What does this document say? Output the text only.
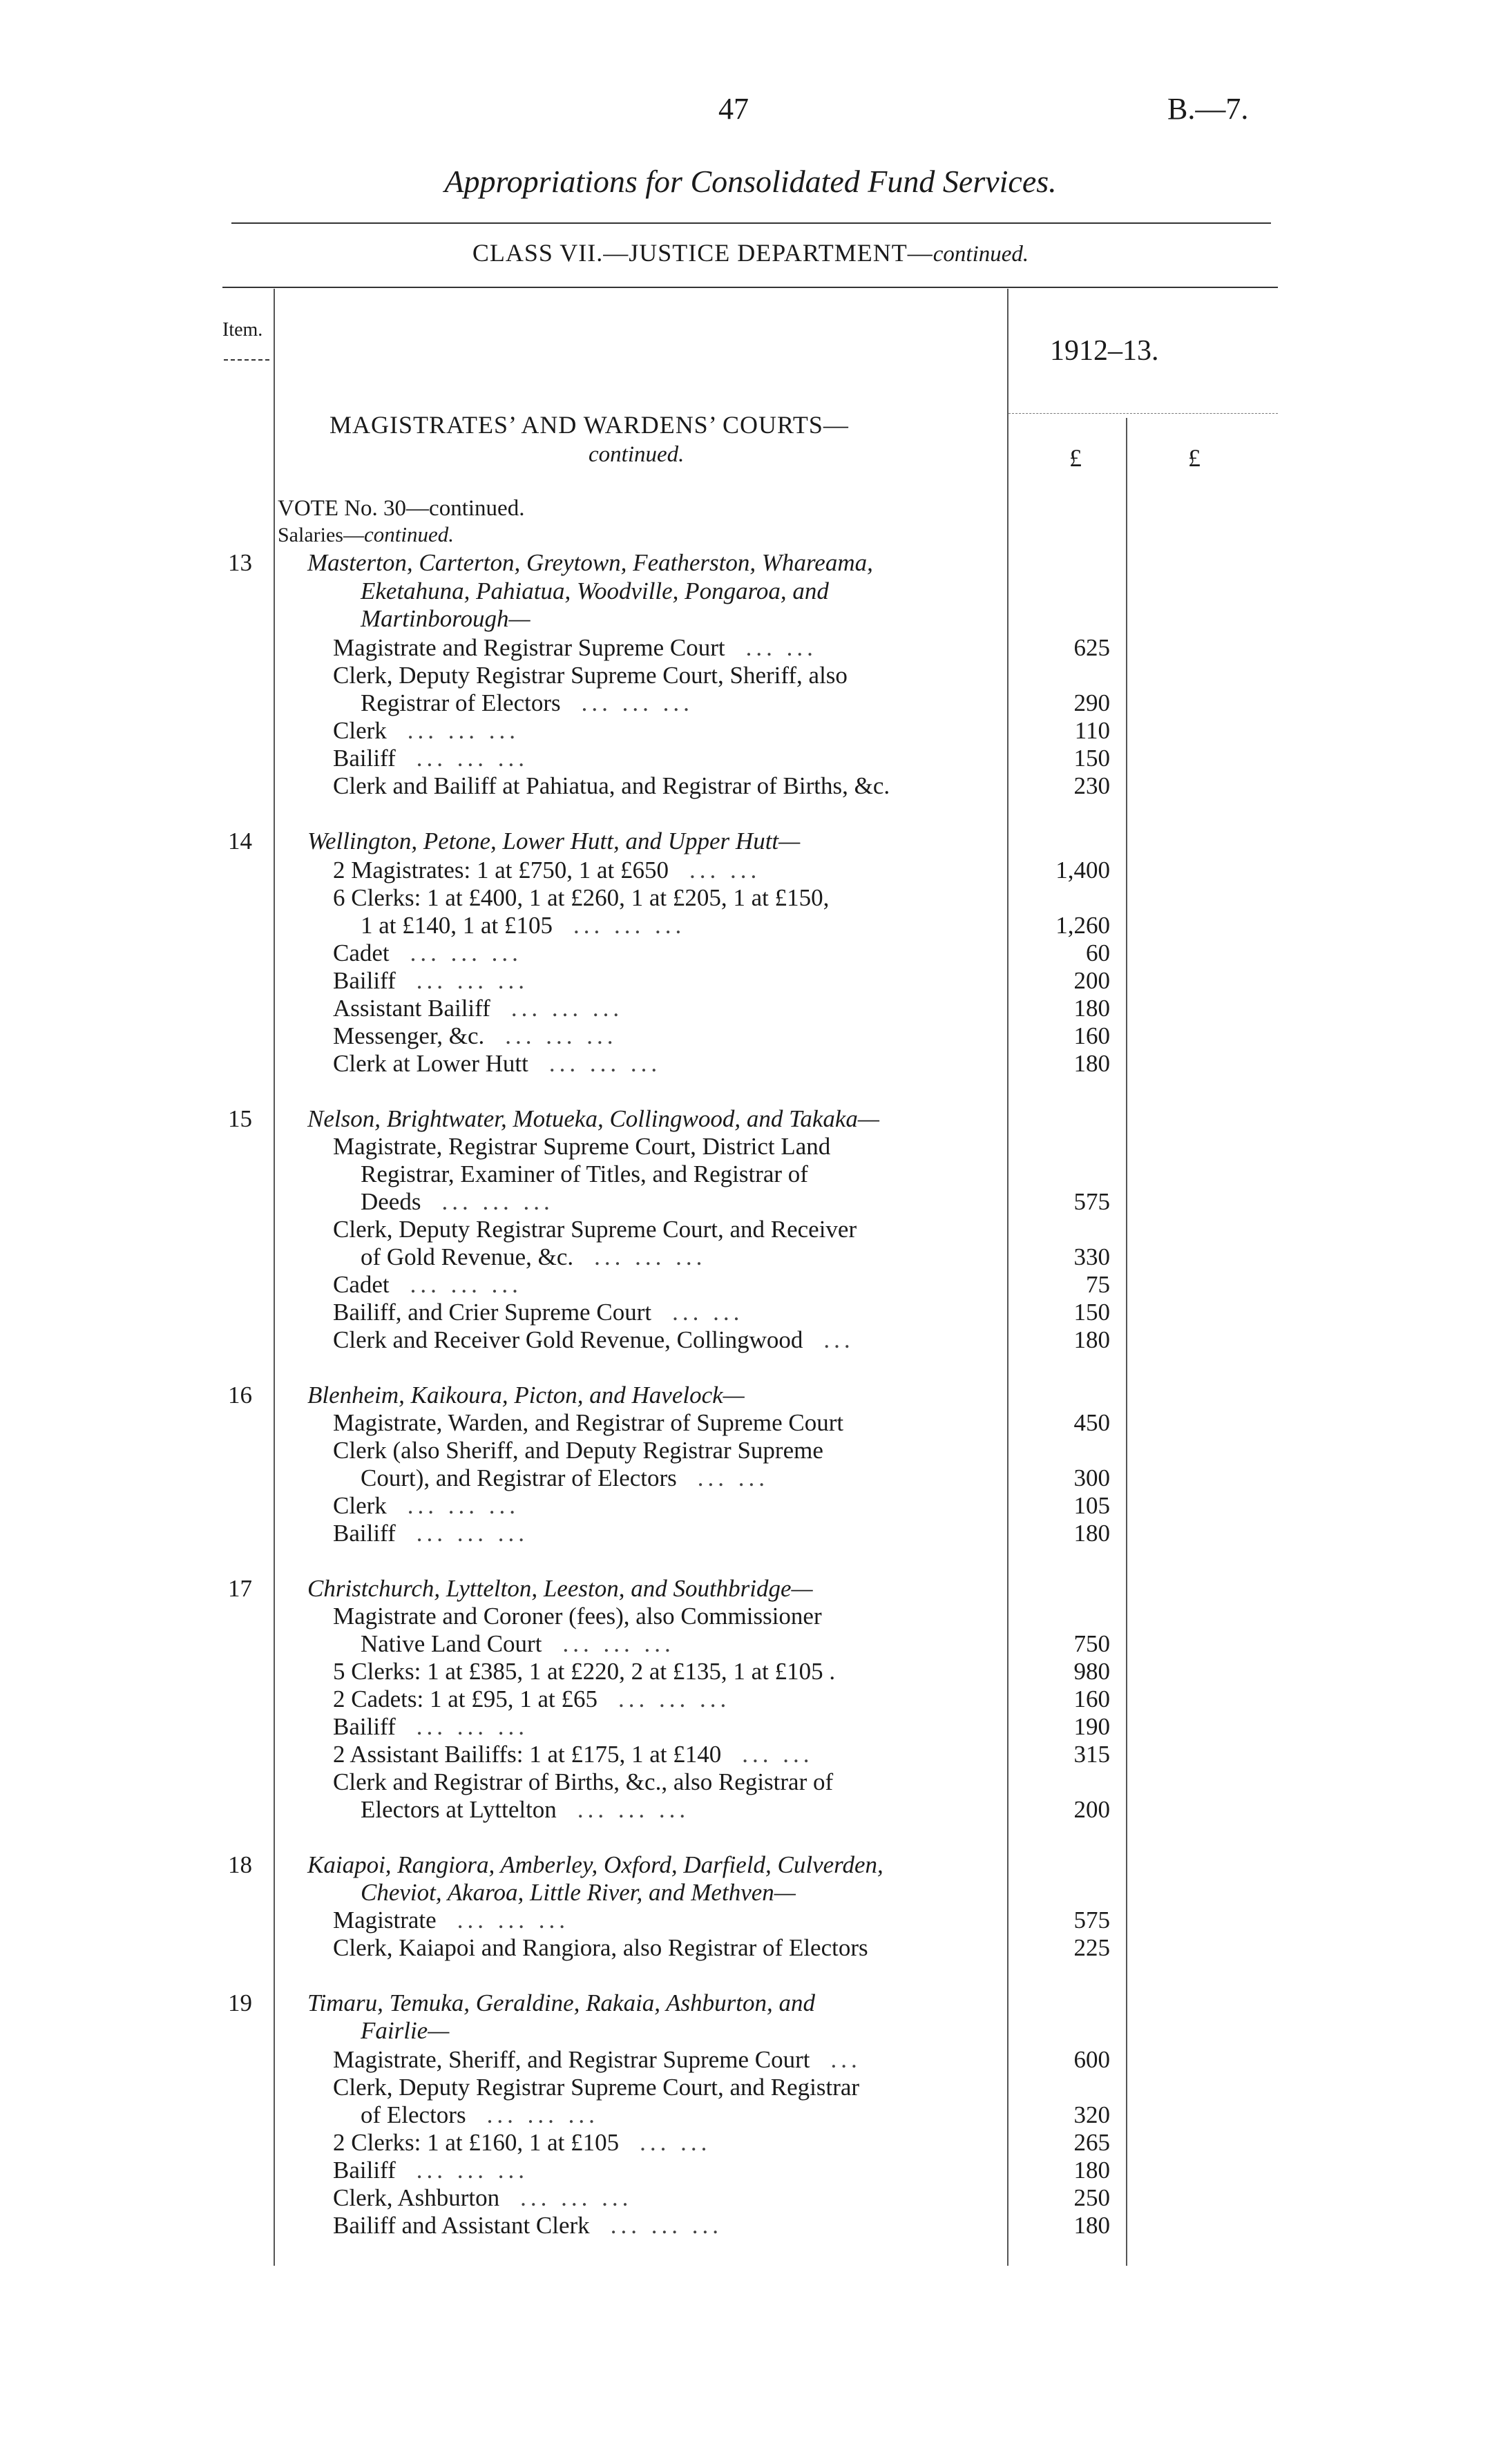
47	B.—7.
Appropriations for Consolidated Fund Services.
CLASS VII.—JUSTICE DEPARTMENT—continued.
Item.
1912–13.
MAGISTRATES’ AND WARDENS’ COURTS—
continued.	£	£
VOTE No. 30—continued.
Salaries—continued.
13 Masterton, Carterton, Greytown, Featherston, Whareama,
Eketahuna, Pahiatua, Woodville, Pongaroa, and
Martinborough—
Magistrate and Registrar Supreme Court ... ...	625
Clerk, Deputy Registrar Supreme Court, Sheriff, also
Registrar of Electors ... ... ...	290
Clerk ... ... ...	110
Bailiff ... ... ...	150
Clerk and Bailiff at Pahiatua, and Registrar of Births, &c.	230
14 Wellington, Petone, Lower Hutt, and Upper Hutt—
2 Magistrates: 1 at £750, 1 at £650 ... ...	1,400
6 Clerks: 1 at £400, 1 at £260, 1 at £205, 1 at £150,
1 at £140, 1 at £105 ... ... ...	1,260
Cadet ... ... ...	60
Bailiff ... ... ...	200
Assistant Bailiff ... ... ...	180
Messenger, &c. ... ... ...	160
Clerk at Lower Hutt ... ... ...	180
15 Nelson, Brightwater, Motueka, Collingwood, and Takaka—
Magistrate, Registrar Supreme Court, District Land
Registrar, Examiner of Titles, and Registrar of
Deeds ... ... ...	575
Clerk, Deputy Registrar Supreme Court, and Receiver
of Gold Revenue, &c. ... ... ...	330
Cadet ... ... ...	75
Bailiff, and Crier Supreme Court ... ...	150
Clerk and Receiver Gold Revenue, Collingwood ...	180
16 Blenheim, Kaikoura, Picton, and Havelock—
Magistrate, Warden, and Registrar of Supreme Court	450
Clerk (also Sheriff, and Deputy Registrar Supreme
Court), and Registrar of Electors ... ...	300
Clerk ... ... ...	105
Bailiff ... ... ...	180
17 Christchurch, Lyttelton, Leeston, and Southbridge—
Magistrate and Coroner (fees), also Commissioner
Native Land Court ... ... ...	750
5 Clerks: 1 at £385, 1 at £220, 2 at £135, 1 at £105 .	980
2 Cadets: 1 at £95, 1 at £65 ... ... ...	160
Bailiff ... ... ...	190
2 Assistant Bailiffs: 1 at £175, 1 at £140 ... ...	315
Clerk and Registrar of Births, &c., also Registrar of
Electors at Lyttelton ... ... ...	200
18 Kaiapoi, Rangiora, Amberley, Oxford, Darfield, Culverden,
Cheviot, Akaroa, Little River, and Methven—
Magistrate ... ... ...	575
Clerk, Kaiapoi and Rangiora, also Registrar of Electors	225
19 Timaru, Temuka, Geraldine, Rakaia, Ashburton, and
Fairlie—
Magistrate, Sheriff, and Registrar Supreme Court ...	600
Clerk, Deputy Registrar Supreme Court, and Registrar
of Electors ... ... ...	320
2 Clerks: 1 at £160, 1 at £105 ... ...	265
Bailiff ... ... ...	180
Clerk, Ashburton ... ... ...	250
Bailiff and Assistant Clerk ... ... ...	180
